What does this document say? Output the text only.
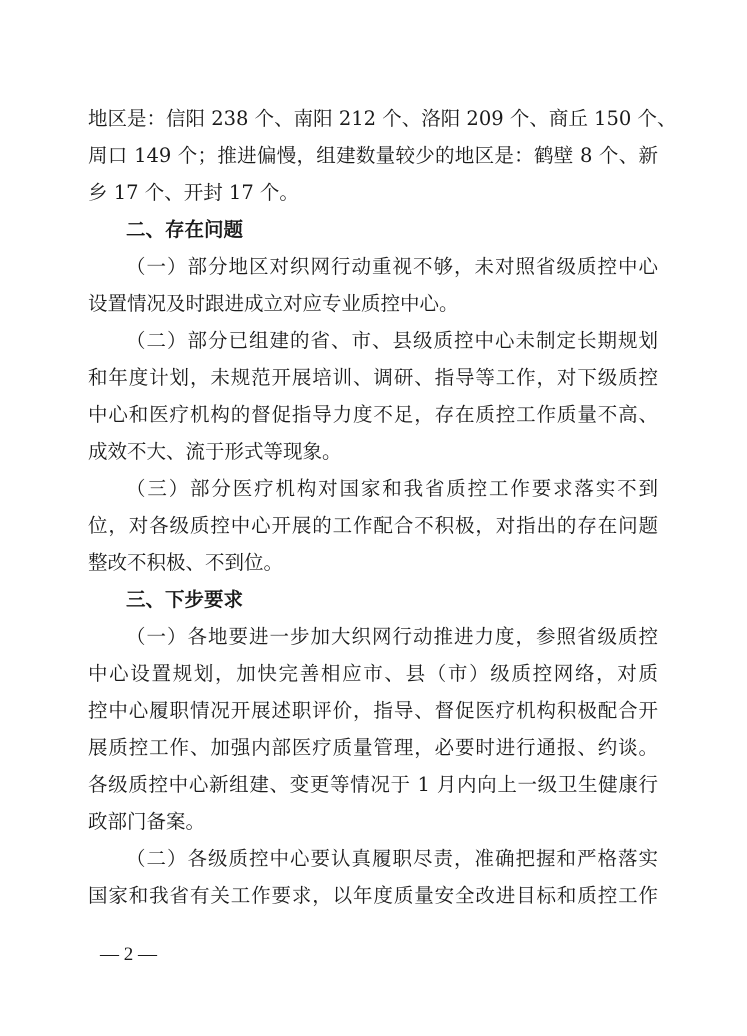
地区是：信阳 238 个、南阳 212 个、洛阳 209 个、商丘 150 个、
周口 149 个；推进偏慢，组建数量较少的地区是：鹤壁 8 个、新
乡 17 个、开封 17 个。
二、存在问题
（一）部分地区对织网行动重视不够，未对照省级质控中心
设置情况及时跟进成立对应专业质控中心。
（二）部分已组建的省、市、县级质控中心未制定长期规划
和年度计划，未规范开展培训、调研、指导等工作，对下级质控
中心和医疗机构的督促指导力度不足，存在质控工作质量不高、
成效不大、流于形式等现象。
（三）部分医疗机构对国家和我省质控工作要求落实不到
位，对各级质控中心开展的工作配合不积极，对指出的存在问题
整改不积极、不到位。
三、下步要求
（一）各地要进一步加大织网行动推进力度，参照省级质控
中心设置规划，加快完善相应市、县（市）级质控网络，对质
控中心履职情况开展述职评价，指导、督促医疗机构积极配合开
展质控工作、加强内部医疗质量管理，必要时进行通报、约谈。
各级质控中心新组建、变更等情况于 1 月内向上一级卫生健康行
政部门备案。
（二）各级质控中心要认真履职尽责，准确把握和严格落实
国家和我省有关工作要求，以年度质量安全改进目标和质控工作
— 2 —
